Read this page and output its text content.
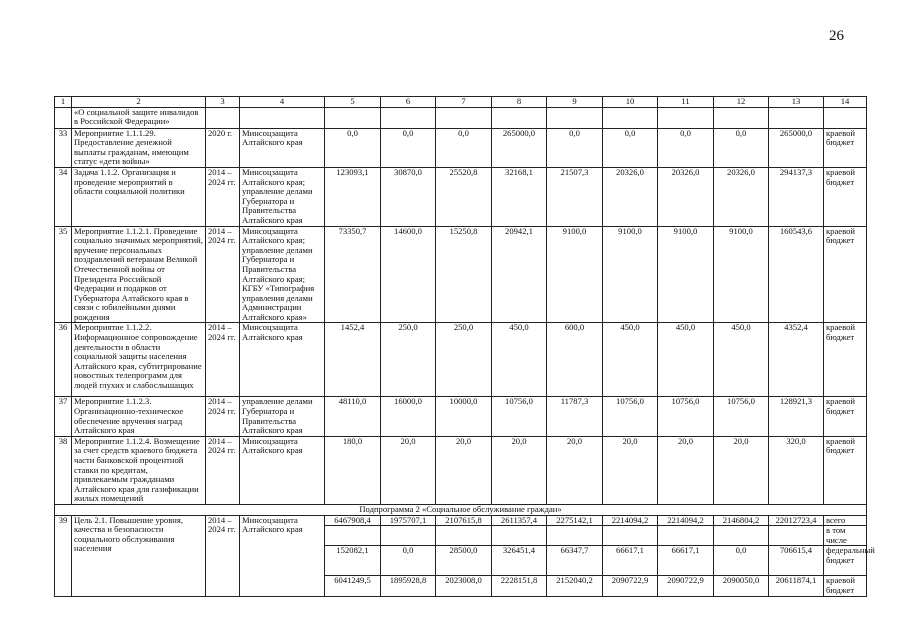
26
1	2	3	4	5	6	7	8	9	10	11	12	13	14
	«О социальной защите инвалидов в Российской Федерации»												
33	Мероприятие 1.1.1.29. Предоставление денежной выплаты гражданам, имеющим статус «дети войны»	2020 г.	Минсоцзащита Алтайского края	0,0	0,0	0,0	265000,0	0,0	0,0	0,0	0,0	265000,0	краевой бюджет
34	Задача 1.1.2. Организация и проведение мероприятий в области социальной политики	2014 – 2024 гг.	Минсоцзащита Алтайского края; управление делами Губернатора и Правительства Алтайского края	123093,1	30870,0	25520,8	32168,1	21507,3	20326,0	20326,0	20326,0	294137,3	краевой бюджет
35	Мероприятие 1.1.2.1. Проведение социально значимых мероприятий, вручение персональных поздравлений ветеранам Великой Отечественной войны от Президента Российской Федерации и подарков от Губернатора Алтайского края в связи с юбилейными днями рождения	2014 – 2024 гг.	Минсоцзащита Алтайского края; управление делами Губернатора и Правительства Алтайского края; КГБУ «Типография управления делами Администрации Алтайского края»	73350,7	14600,0	15250,8	20942,1	9100,0	9100,0	9100,0	9100,0	160543,6	краевой бюджет
36	Мероприятие 1.1.2.2. Информационное сопровождение деятельности в области социальной защиты населения Алтайского края, субтитрирование новостных телепрограмм для людей глухих и слабослышащих	2014 – 2024 гг.	Минсоцзащита Алтайского края	1452,4	250,0	250,0	450,0	600,0	450,0	450,0	450,0	4352,4	краевой бюджет
37	Мероприятие 1.1.2.3. Организационно-техническое обеспечение вручения наград Алтайского края	2014 – 2024 гг.	управление делами Губернатора и Правительства Алтайского края	48110,0	16000,0	10000,0	10756,0	11787,3	10756,0	10756,0	10756,0	128921,3	краевой бюджет
38	Мероприятие 1.1.2.4. Возмещение за счет средств краевого бюджета части банковской процентной ставки по кредитам, привлекаемым гражданами Алтайского края для газификации жилых помещений	2014 – 2024 гг.	Минсоцзащита Алтайского края	180,0	20,0	20,0	20,0	20,0	20,0	20,0	20,0	320,0	краевой бюджет
Подпрограмма 2 «Социальное обслуживание граждан»													
39	Цель 2.1. Повышение уровня, качества и безопасности социального обслуживания населения	2014 – 2024 гг.	Минсоцзащита Алтайского края	6467908,4	1975707,1	2107615,8	2611357,4	2275142,1	2214094,2	2214094,2	2146804,2	22012723,4	всего
													в том числе
				152082,1	0,0	28500,0	326451,4	66347,7	66617,1	66617,1	0,0	706615,4	федеральный бюджет
				6041249,5	1895928,8	2023008,0	2228151,8	2152040,2	2090722,9	2090722,9	2090050,0	20611874,1	краевой бюджет
